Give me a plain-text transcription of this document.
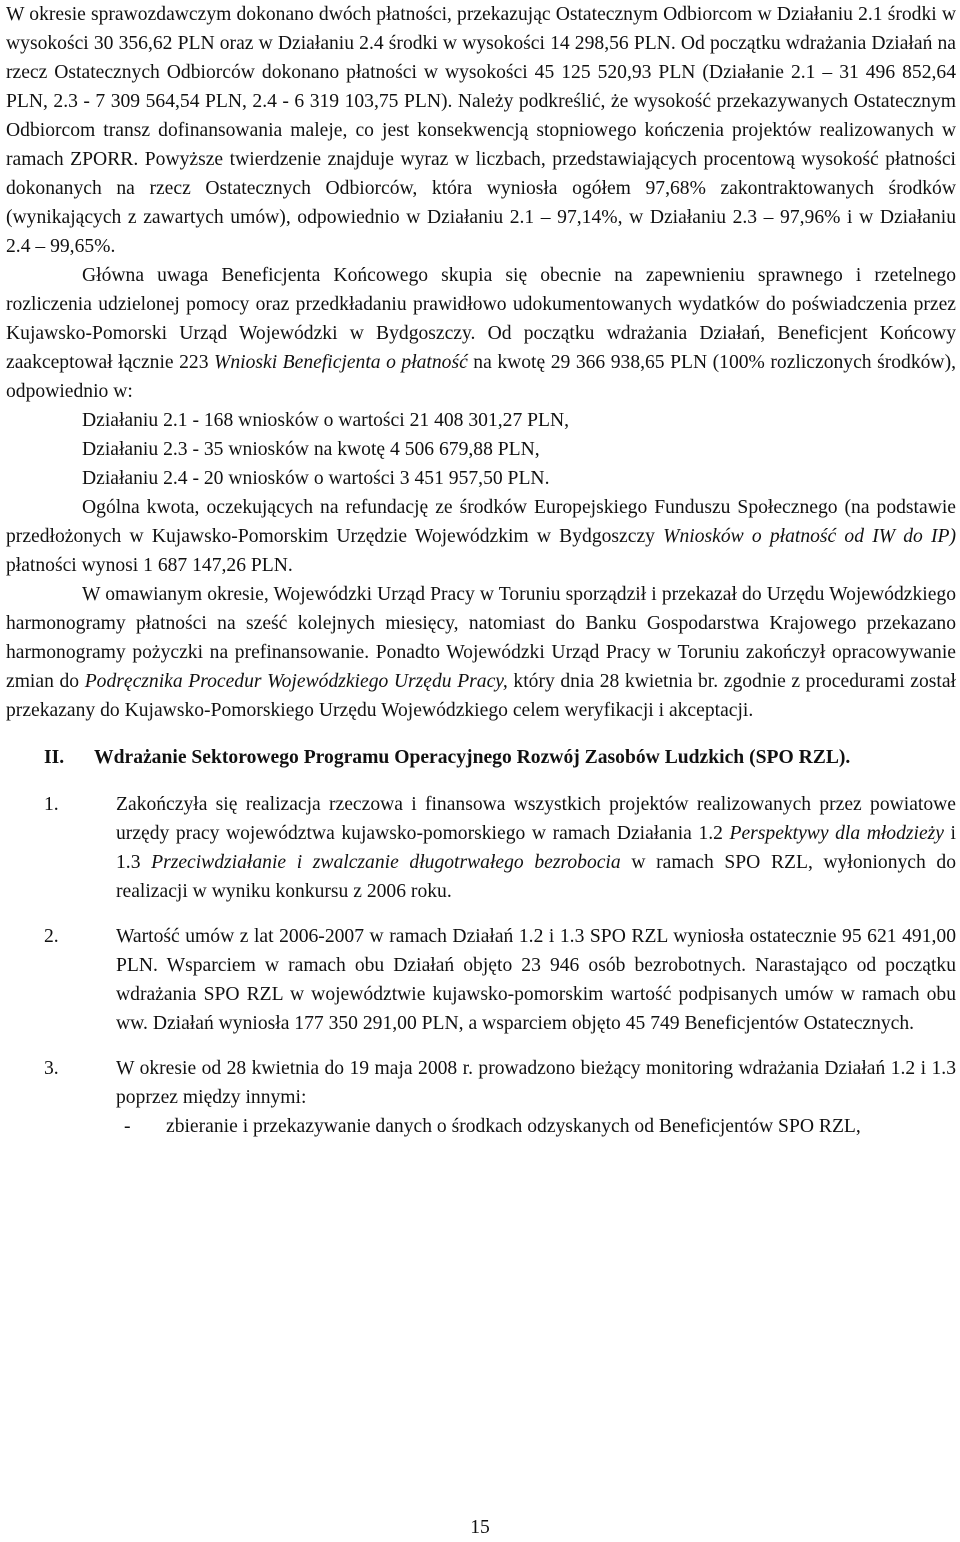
W okresie sprawozdawczym dokonano dwóch płatności, przekazując Ostatecznym Odbiorcom w Działaniu 2.1 środki w wysokości 30 356,62 PLN oraz w Działaniu 2.4 środki w wysokości 14 298,56 PLN. Od początku wdrażania Działań na rzecz Ostatecznych Odbiorców dokonano płatności w wysokości 45 125 520,93 PLN (Działanie 2.1 – 31 496 852,64 PLN, 2.3 - 7 309 564,54 PLN, 2.4 - 6 319 103,75 PLN). Należy podkreślić, że wysokość przekazywanych Ostatecznym Odbiorcom transz dofinansowania maleje, co jest konsekwencją stopniowego kończenia projektów realizowanych w ramach ZPORR. Powyższe twierdzenie znajduje wyraz w liczbach, przedstawiających procentową wysokość płatności dokonanych na rzecz Ostatecznych Odbiorców, która wyniosła ogółem 97,68% zakontraktowanych środków (wynikających z zawartych umów), odpowiednio w Działaniu 2.1 – 97,14%, w Działaniu 2.3 – 97,96% i w Działaniu 2.4 – 99,65%.

Główna uwaga Beneficjenta Końcowego skupia się obecnie na zapewnieniu sprawnego i rzetelnego rozliczenia udzielonej pomocy oraz przedkładaniu prawidłowo udokumentowanych wydatków do poświadczenia przez Kujawsko-Pomorski Urząd Wojewódzki w Bydgoszczy. Od początku wdrażania Działań, Beneficjent Końcowy zaakceptował łącznie 223 Wnioski Beneficjenta o płatność na kwotę 29 366 938,65 PLN (100% rozliczonych środków), odpowiednio w:

Działaniu 2.1 - 168 wniosków o wartości 21 408 301,27 PLN,

Działaniu 2.3 - 35 wniosków na kwotę 4 506 679,88 PLN,

Działaniu 2.4 - 20 wniosków o wartości 3 451 957,50 PLN.

Ogólna kwota, oczekujących na refundację ze środków Europejskiego Funduszu Społecznego (na podstawie przedłożonych w Kujawsko-Pomorskim Urzędzie Wojewódzkim w Bydgoszczy Wniosków o płatność od IW do IP) płatności wynosi 1 687 147,26 PLN.

W omawianym okresie, Wojewódzki Urząd Pracy w Toruniu sporządził i przekazał do Urzędu Wojewódzkiego harmonogramy płatności na sześć kolejnych miesięcy, natomiast do Banku Gospodarstwa Krajowego przekazano harmonogramy pożyczki na prefinansowanie. Ponadto Wojewódzki Urząd Pracy w Toruniu zakończył opracowywanie zmian do Podręcznika Procedur Wojewódzkiego Urzędu Pracy, który dnia 28 kwietnia br. zgodnie z procedurami został przekazany do Kujawsko-Pomorskiego Urzędu Wojewódzkiego celem weryfikacji i akceptacji.

II.	Wdrażanie Sektorowego Programu Operacyjnego Rozwój Zasobów Ludzkich (SPO RZL).

1.	Zakończyła się realizacja rzeczowa i finansowa wszystkich projektów realizowanych przez powiatowe urzędy pracy województwa kujawsko-pomorskiego w ramach Działania 1.2 Perspektywy dla młodzieży i 1.3 Przeciwdziałanie i zwalczanie długotrwałego bezrobocia w ramach SPO RZL, wyłonionych do realizacji w wyniku konkursu z 2006 roku.

2.	Wartość umów z lat 2006-2007 w ramach Działań 1.2 i 1.3 SPO RZL wyniosła ostatecznie 95 621 491,00 PLN. Wsparciem w ramach obu Działań objęto 23 946 osób bezrobotnych. Narastająco od początku wdrażania SPO RZL w województwie kujawsko-pomorskim wartość podpisanych umów w ramach obu ww. Działań wyniosła 177 350 291,00 PLN, a wsparciem objęto 45 749 Beneficjentów Ostatecznych.

3.	W okresie od 28 kwietnia do 19 maja 2008 r. prowadzono bieżący monitoring wdrażania Działań 1.2 i 1.3 poprzez między innymi:

-	zbieranie i przekazywanie danych o środkach odzyskanych od Beneficjentów SPO RZL,

15
